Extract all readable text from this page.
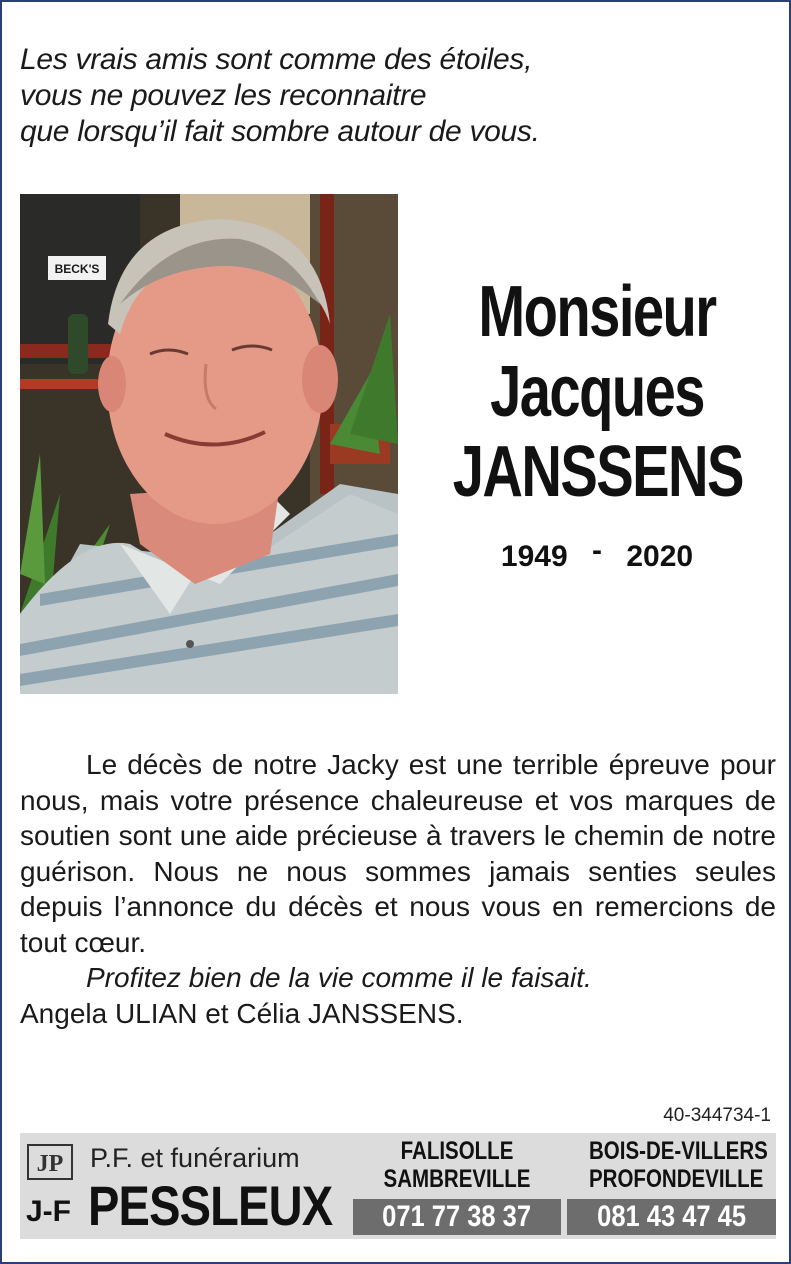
Les vrais amis sont comme des étoiles,
vous ne pouvez les reconnaitre
que lorsqu’il fait sombre autour de vous.
BECK'S
Monsieur
Jacques
JANSSENS
1949 - 2020

Le décès de notre Jacky est une terrible épreuve pour nous, mais votre présence chaleureuse et vos marques de soutien sont une aide précieuse à travers le chemin de notre guérison. Nous ne nous sommes jamais senties seules depuis l’annonce du décès et nous vous en remercions de tout cœur.

Profitez bien de la vie comme il le faisait.

Angela ULIAN et Célia JANSSENS.

40-344734-1
JP P.F. et funérarium
J-F PESSLEUX
FALISOLLE
SAMBREVILLE
071 77 38 37
BOIS-DE-VILLERS
PROFONDEVILLE
081 43 47 45
